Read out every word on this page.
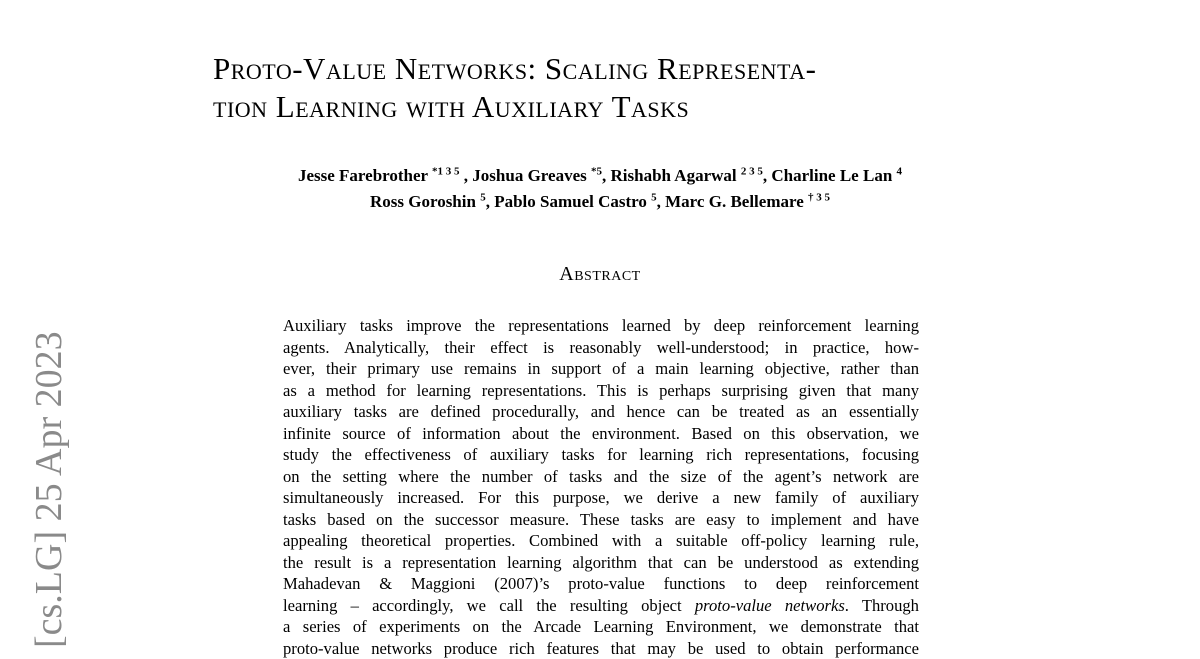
[cs.LG] 25 Apr 2023
Proto-Value Networks: Scaling Representa-
tion Learning with Auxiliary Tasks
Jesse Farebrother $^{*1 3 5}$ , Joshua Greaves $^{*5}$, Rishabh Agarwal $^{2 3 5}$, Charline Le Lan $^4$
Ross Goroshin $^5$, Pablo Samuel Castro $^5$, Marc G. Bellemare $^{\dagger 3 5}$
Abstract
Auxiliary tasks improve the representations learned by deep reinforcement learning
agents. Analytically, their effect is reasonably well-understood; in practice, how-
ever, their primary use remains in support of a main learning objective, rather than
as a method for learning representations. This is perhaps surprising given that many
auxiliary tasks are defined procedurally, and hence can be treated as an essentially
infinite source of information about the environment. Based on this observation, we
study the effectiveness of auxiliary tasks for learning rich representations, focusing
on the setting where the number of tasks and the size of the agent’s network are
simultaneously increased. For this purpose, we derive a new family of auxiliary
tasks based on the successor measure. These tasks are easy to implement and have
appealing theoretical properties. Combined with a suitable off-policy learning rule,
the result is a representation learning algorithm that can be understood as extending
Mahadevan & Maggioni (2007)’s proto-value functions to deep reinforcement
learning – accordingly, we call the resulting object proto-value networks. Through
a series of experiments on the Arcade Learning Environment, we demonstrate that
proto-value networks produce rich features that may be used to obtain performance
